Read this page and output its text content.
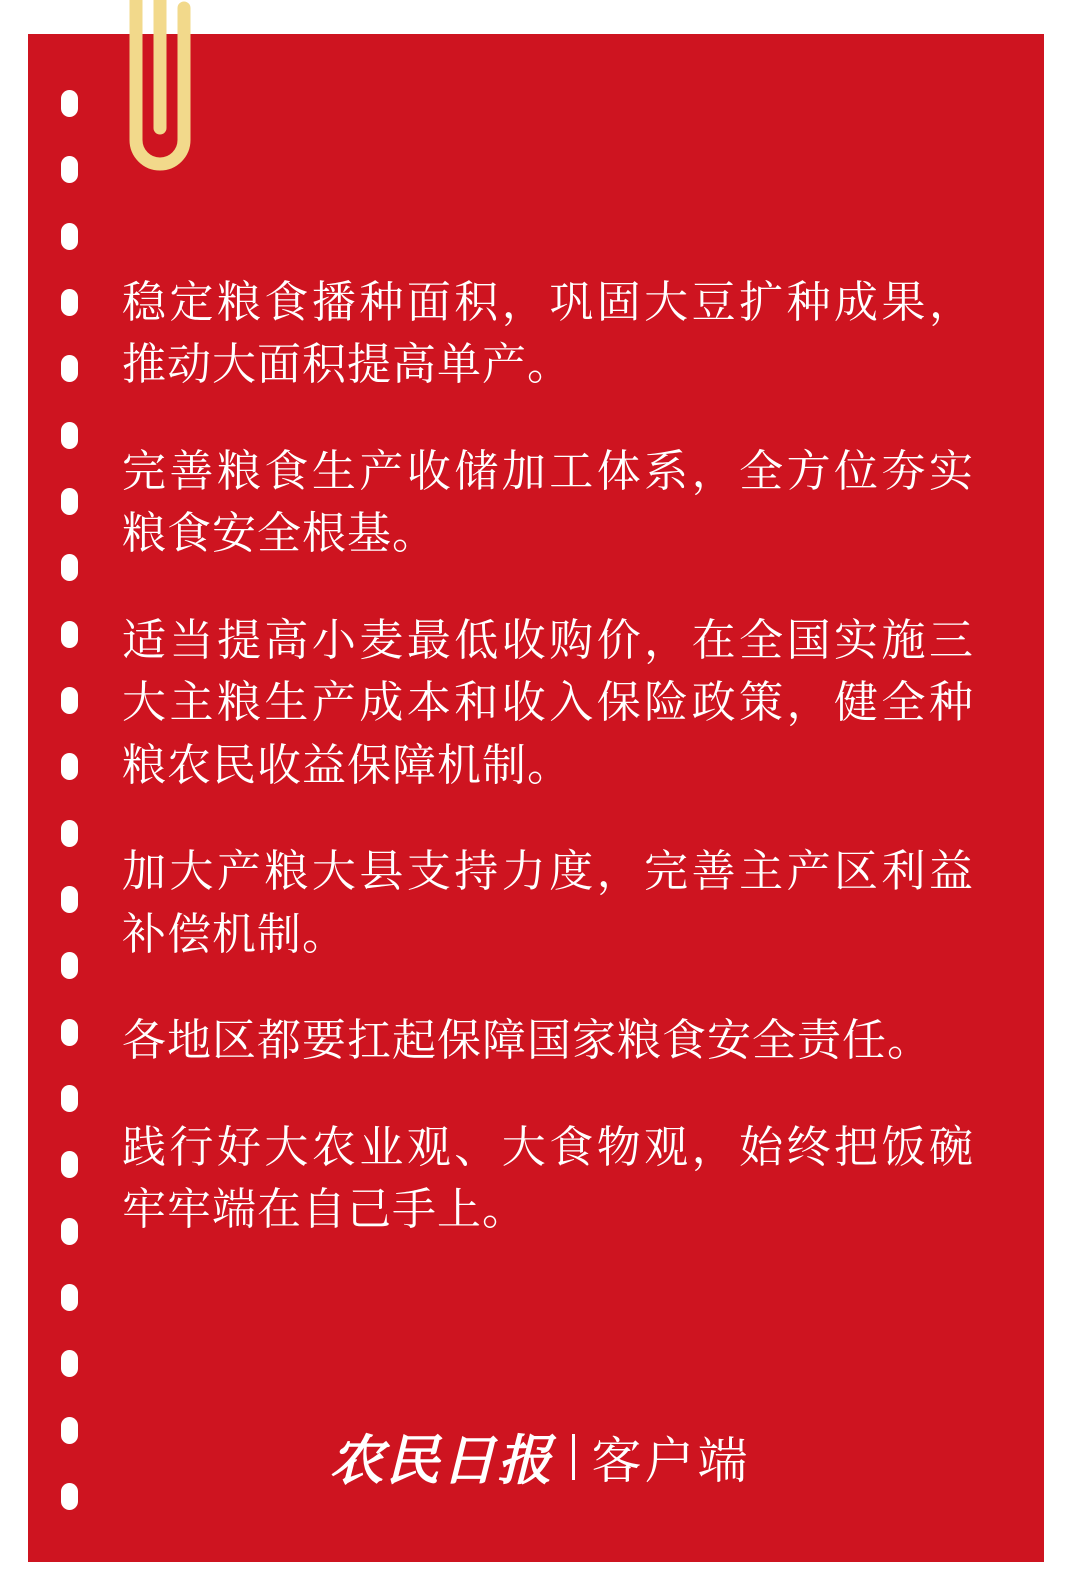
稳定粮食播种面积，巩固大豆扩种成果，推动大面积提高单产。

完善粮食生产收储加工体系，全方位夯实粮食安全根基。

适当提高小麦最低收购价，在全国实施三大主粮生产成本和收入保险政策，健全种粮农民收益保障机制。

加大产粮大县支持力度，完善主产区利益补偿机制。

各地区都要扛起保障国家粮食安全责任。

践行好大农业观、大食物观，始终把饭碗牢牢端在自己手上。

农民日报 客户端
